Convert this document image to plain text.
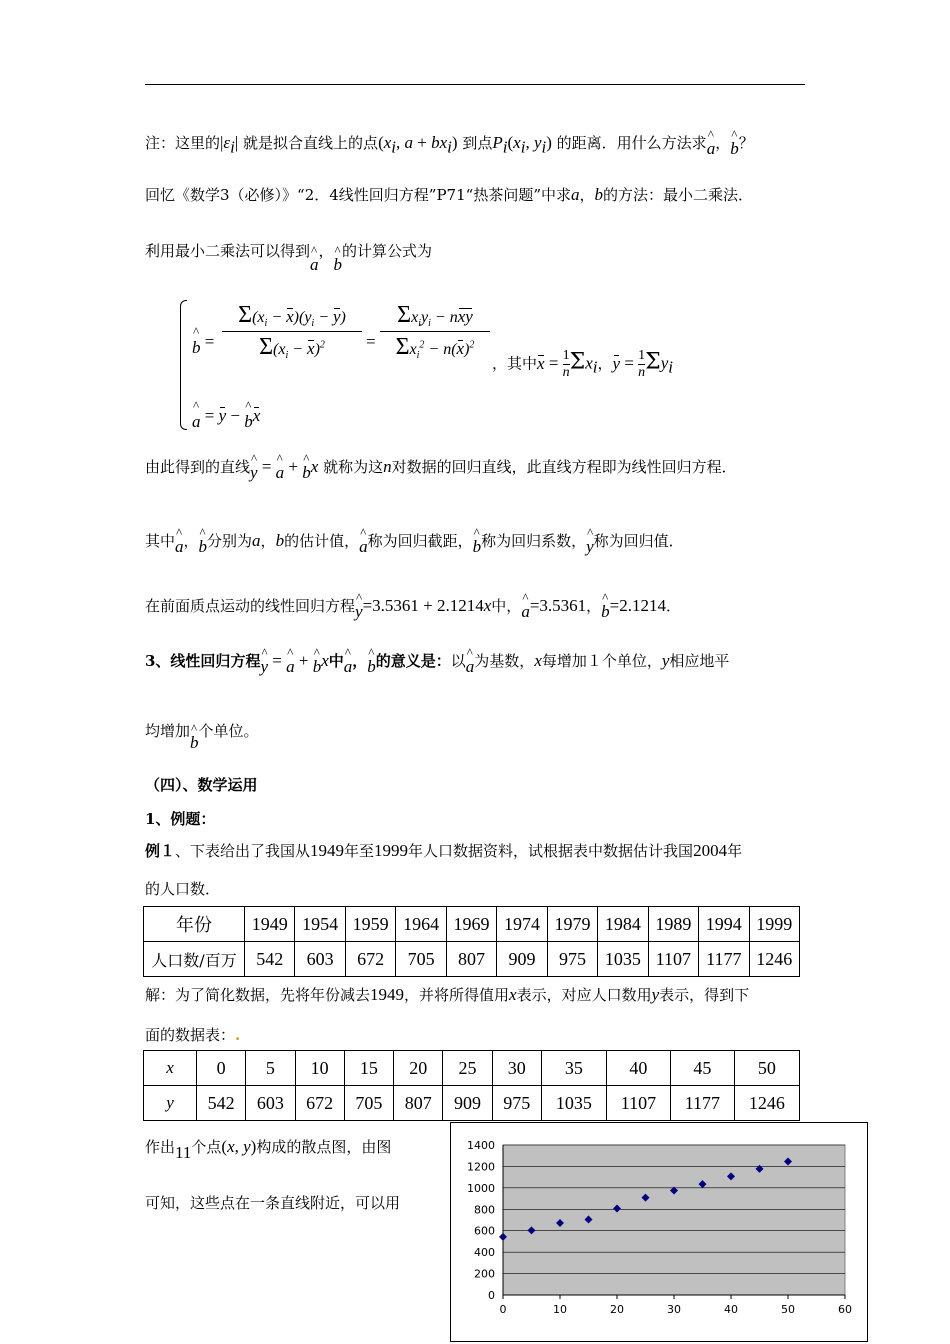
注：这里的$|\varepsilon_i|$ 就是拟合直线上的点($x_i$, $a + bx_i$) 到点$P_i(x_i$, $y_i$) 的距离．用什么方法求^ a，^ b？
回忆《数学3（必修）》“2．4线性回归方程”P71“热茶问题”中求a，b的方法：最小二乘法．
利用最小二乘法可以得到^ a，^ b的计算公式为
^ b =
$\Sigma(x_i - x)(y_i - y)$
$\Sigma(x_i - x)^2$	=
$\Sigma x_iy_i$ − nxy
$\Sigma x_i^2 - n(x)^2$
，其中$x = \frac{1}{n}\Sigma x_i$，$y = \frac{1}{n}\Sigma y_i$
^ a = y − ^ bx
由此得到的直线^ y = ^ a + ^ bx 就称为这n对数据的回归直线，此直线方程即为线性回归方程．
其中^ a，^ b分别为a，b的估计值，^ a称为回归截距，^ b称为回归系数，^ y称为回归值．
在前面质点运动的线性回归方程^ y=3.5361 + 2.1214x中，^ a=3.5361，^ b=2.1214．
3、线性回归方程^ y = ^ a + ^ bx中^ a，^ b的意义是：以^ a为基数，x每增加１个单位，y相应地平
均增加^ b个单位。
（四）、数学运用
1、例题：
例１、下表给出了我国从1949年至1999年人口数据资料，试根据表中数据估计我国2004年
的人口数．
年份	1949	1954	1959	1964	1969	1974	1979	1984	1989	1994	1999
人口数/百万	542	603	672	705	807	909	975	1035	1107	1177	1246
解：为了简化数据，先将年份减去1949，并将所得值用x表示，对应人口数用y表示，得到下
面的数据表：.
x	0	5	10	15	20	25	30	35	40	45	50
y	542	603	672	705	807	909	975	1035	1107	1177	1246
作出11个点(x, y)构成的散点图，由图
可知，这些点在一条直线附近，可以用
0
200
400
600
800
1000
1200
1400
0	10	20	30	40	50	60
